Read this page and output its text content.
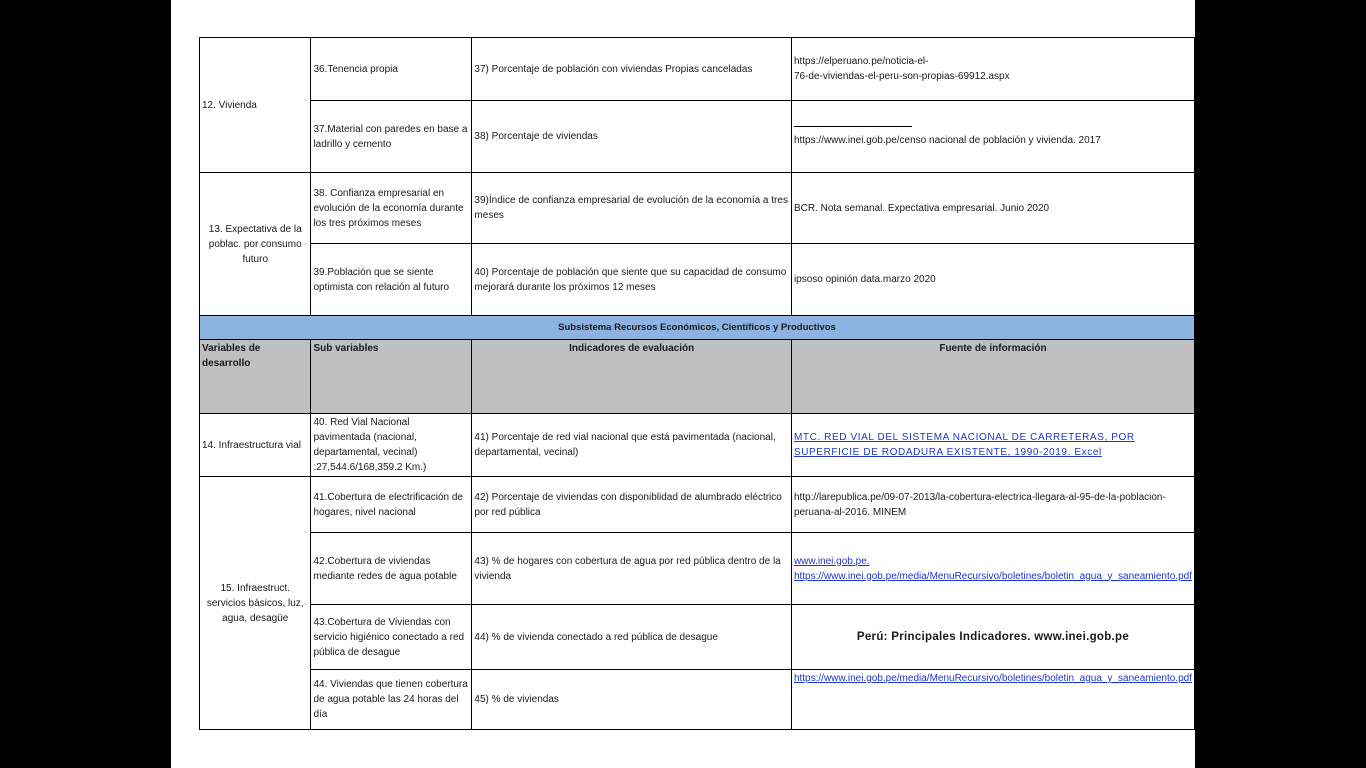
12. Vivienda	36.Tenencia propia	37) Porcentaje de población con viviendas Propias canceladas	https://elperuano.pe/noticia-el-
76-de-viviendas-el-peru-son-propias-69912.aspx

	37.Material con paredes en base a ladrillo y cemento	38) Porcentaje de viviendas	https://www.inei.gob.pe/censo nacional de población y vivienda. 2017
13. Expectativa de la poblac. por consumo futuro	38. Confianza empresarial en evolución de la economía durante los tres próximos meses	39)Índice de confianza empresarial de evolución de la economía a tres meses	BCR. Nota semanal. Expectativa empresarial. Junio 2020
	39.Población que se siente optimista con relación al futuro	40) Porcentaje de población que siente que su capacidad de consumo mejorará durante los próximos 12 meses	ipsoso opinión data.marzo 2020
Subsistema Recursos Económicos, Científicos y Productivos			
Variables de desarrollo	Sub variables	Indicadores de evaluación	Fuente de información
14. Infraestructura vial	40. Red Vial Nacional pavimentada (nacional, departamental, vecinal) :27,544.6/168,359.2 Km.)	41) Porcentaje de red vial nacional que está pavimentada (nacional, departamental, vecinal)	MTC. RED VIAL DEL SISTEMA NACIONAL DE CARRETERAS, POR SUPERFICIE DE RODADURA EXISTENTE, 1990-2019. Excel
15. Infraestruct. servicios básicos, luz, agua, desagüe	41.Cobertura de electrificación de hogares, nivel nacional	42) Porcentaje de viviendas con disponiblidad de alumbrado eléctrico por red pública	http://larepublica.pe/09-07-2013/la-cobertura-electrica-llegara-al-95-de-la-poblacion-peruana-al-2016. MINEM
	42.Cobertura de viviendas mediante redes de agua potable	43) % de hogares con cobertura de agua por red pública dentro de la vivienda	www.inei.gob.pe.
https://www.inei.gob.pe/media/MenuRecursivo/boletines/boletin_agua_y_saneamiento.pdf
	43.Cobertura de Viviendas con servicio higiénico conectado a red pública de desague	44) % de vivienda conectado a red pública de desague	Perú: Principales Indicadores. www.inei.gob.pe
	44. Viviendas que tienen cobertura de agua potable las 24 horas del día	45) % de viviendas	https://www.inei.gob.pe/media/MenuRecursivo/boletines/boletin_agua_y_saneamiento.pdf
